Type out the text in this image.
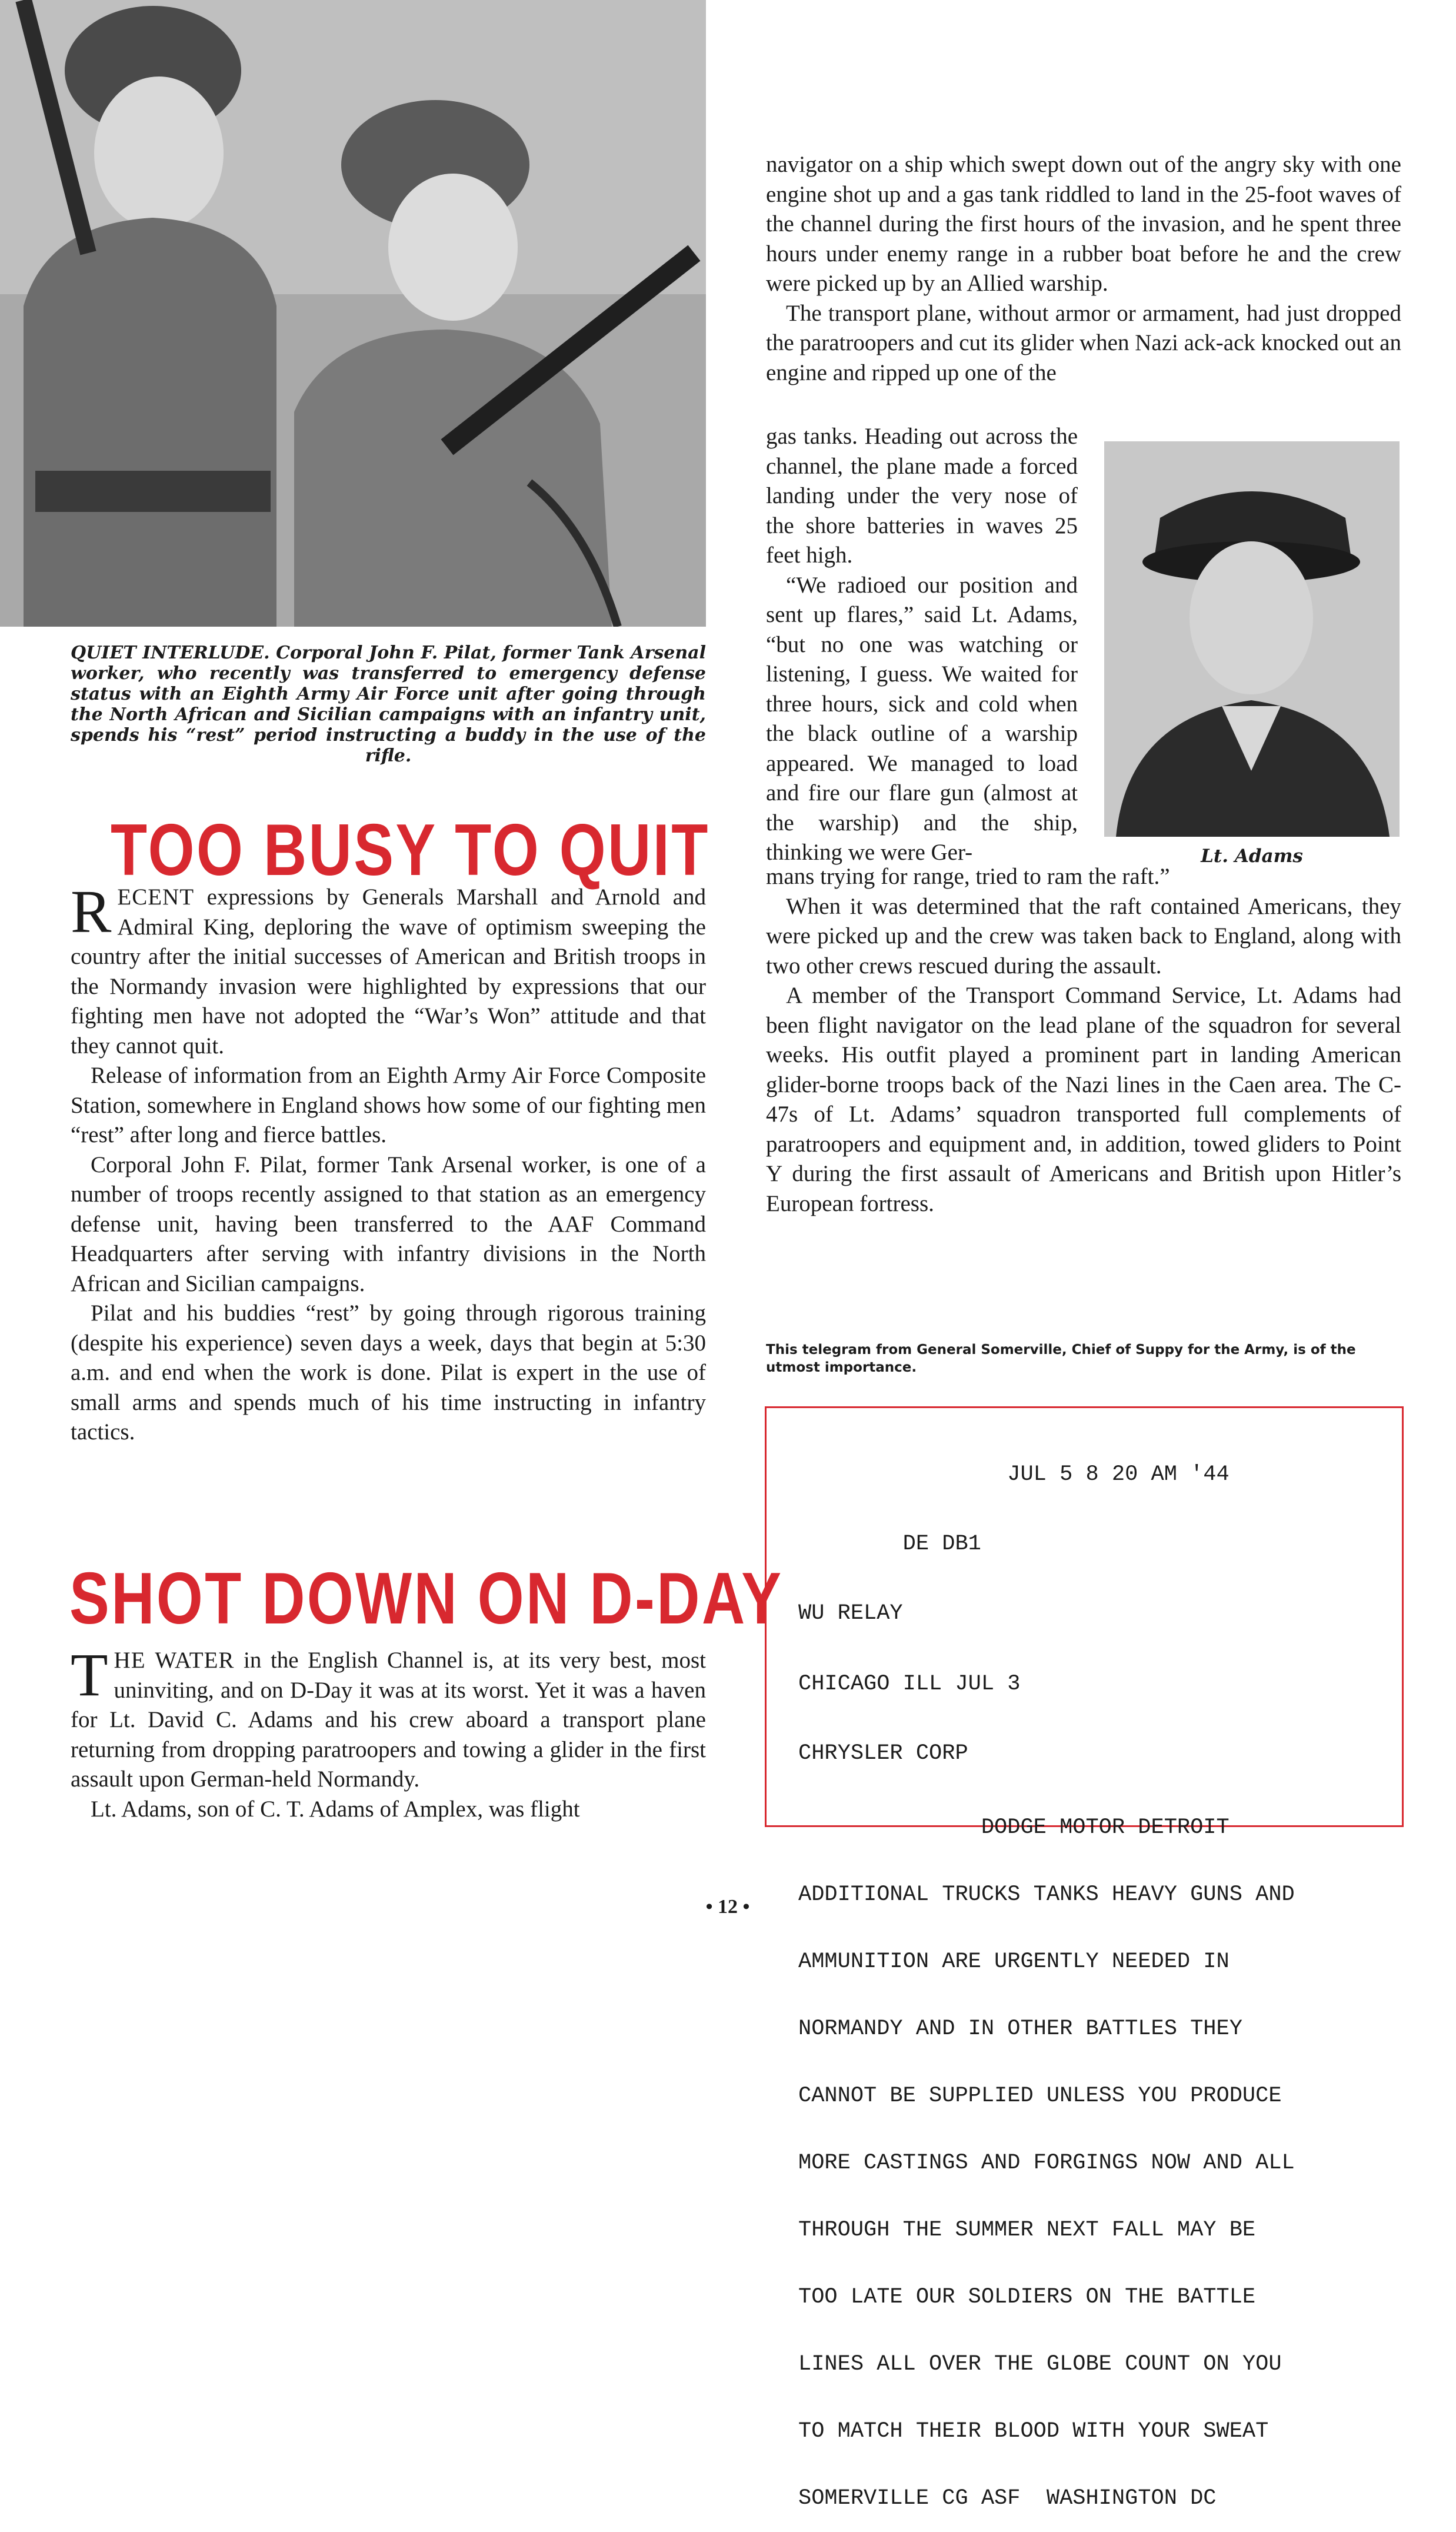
QUIET INTERLUDE. Corporal John F. Pilat, former Tank Arsenal worker, who recently was transferred to emergency defense status with an Eighth Army Air Force unit after going through the North African and Sicilian campaigns with an infantry unit, spends his “rest” period instructing a buddy in the use of the rifle.
TOO BUSY TO QUIT

RECENT expressions by Generals Marshall and Arnold and Admiral King, deploring the wave of optimism sweeping the country after the initial successes of American and British troops in the Normandy invasion were highlighted by expressions that our fighting men have not adopted the “War’s Won” attitude and that they cannot quit.

Release of information from an Eighth Army Air Force Composite Station, somewhere in England shows how some of our fighting men “rest” after long and fierce battles.

Corporal John F. Pilat, former Tank Arsenal worker, is one of a number of troops recently assigned to that station as an emergency defense unit, having been transferred to the AAF Command Headquarters after serving with infantry divisions in the North African and Sicilian campaigns.

Pilat and his buddies “rest” by going through rigorous training (despite his experience) seven days a week, days that begin at 5:30 a.m. and end when the work is done. Pilat is expert in the use of small arms and spends much of his time instructing in infantry tactics.

SHOT DOWN ON D-DAY

THE WATER in the English Channel is, at its very best, most uninviting, and on D-Day it was at its worst. Yet it was a haven for Lt. David C. Adams and his crew aboard a transport plane returning from dropping paratroopers and towing a glider in the first assault upon German-held Normandy.

Lt. Adams, son of C. T. Adams of Amplex, was flight

navigator on a ship which swept down out of the angry sky with one engine shot up and a gas tank riddled to land in the 25-foot waves of the channel during the first hours of the invasion, and he spent three hours under enemy range in a rubber boat before he and the crew were picked up by an Allied warship.

The transport plane, without armor or armament, had just dropped the paratroopers and cut its glider when Nazi ack-ack knocked out an engine and ripped up one of the

gas tanks. Heading out across the channel, the plane made a forced landing under the very nose of the shore batteries in waves 25 feet high.

“We radioed our position and sent up flares,” said Lt. Adams, “but no one was watching or listening, I guess. We waited for three hours, sick and cold when the black outline of a warship appeared. We managed to load and fire our flare gun (almost at the warship) and the ship, thinking we were Ger-	Lt. Adams

mans trying for range, tried to ram the raft.”

When it was determined that the raft contained Americans, they were picked up and the crew was taken back to England, along with two other crews rescued during the assault.

A member of the Transport Command Service, Lt. Adams had been flight navigator on the lead plane of the squadron for several weeks. His outfit played a prominent part in landing American glider-borne troops back of the Nazi lines in the Caen area. The C-47s of Lt. Adams’ squadron transported full complements of paratroopers and equipment and, in addition, towed gliders to Point Y during the first assault of Americans and British upon Hitler’s European fortress.

This telegram from General Somerville, Chief of Suppy for the Army, is of the utmost importance.

JUL 5 8 20 AM '44

DE DB1

WU RELAY

CHICAGO ILL JUL 3

CHRYSLER CORP

DODGE MOTOR DETROIT

ADDITIONAL TRUCKS TANKS HEAVY GUNS AND

AMMUNITION ARE URGENTLY NEEDED IN

NORMANDY AND IN OTHER BATTLES THEY

CANNOT BE SUPPLIED UNLESS YOU PRODUCE

MORE CASTINGS AND FORGINGS NOW AND ALL

THROUGH THE SUMMER NEXT FALL MAY BE

TOO LATE OUR SOLDIERS ON THE BATTLE

LINES ALL OVER THE GLOBE COUNT ON YOU

TO MATCH THEIR BLOOD WITH YOUR SWEAT

SOMERVILLE CG ASF  WASHINGTON DC

• 12 •
